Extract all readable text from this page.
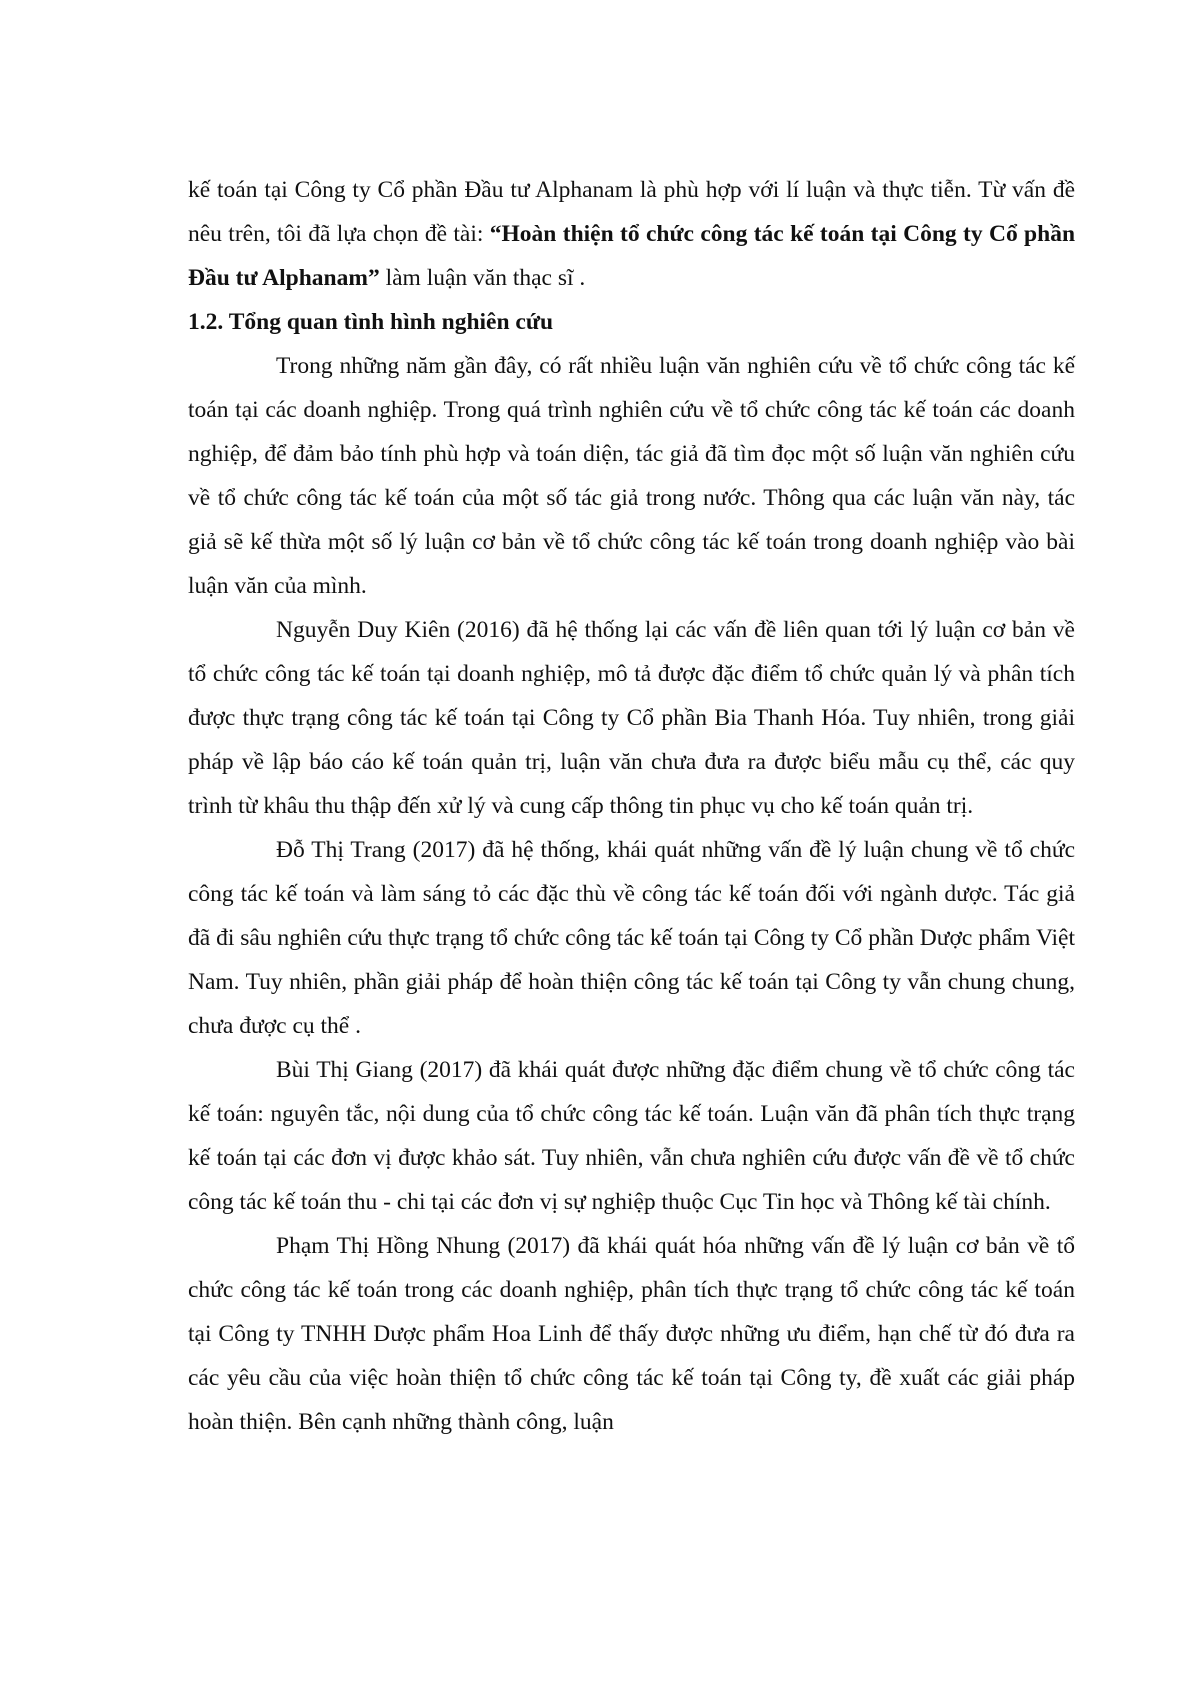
kế toán tại Công ty Cổ phần Đầu tư Alphanam là phù hợp với lí luận và thực tiễn. Từ vấn đề nêu trên, tôi đã lựa chọn đề tài: “Hoàn thiện tổ chức công tác kế toán tại Công ty Cổ phần Đầu tư Alphanam” làm luận văn thạc sĩ .

1.2. Tổng quan tình hình nghiên cứu

Trong những năm gần đây, có rất nhiều luận văn nghiên cứu về tổ chức công tác kế toán tại các doanh nghiệp. Trong quá trình nghiên cứu về tổ chức công tác kế toán các doanh nghiệp, để đảm bảo tính phù hợp và toán diện, tác giả đã tìm đọc một số luận văn nghiên cứu về tổ chức công tác kế toán của một số tác giả trong nước. Thông qua các luận văn này, tác giả sẽ kế thừa một số lý luận cơ bản về tổ chức công tác kế toán trong doanh nghiệp vào bài luận văn của mình.

Nguyễn Duy Kiên (2016) đã hệ thống lại các vấn đề liên quan tới lý luận cơ bản về tổ chức công tác kế toán tại doanh nghiệp, mô tả được đặc điểm tổ chức quản lý và phân tích được thực trạng công tác kế toán tại Công ty Cổ phần Bia Thanh Hóa. Tuy nhiên, trong giải pháp về lập báo cáo kế toán quản trị, luận văn chưa đưa ra được biểu mẫu cụ thể, các quy trình từ khâu thu thập đến xử lý và cung cấp thông tin phục vụ cho kế toán quản trị.

Đỗ Thị Trang (2017) đã hệ thống, khái quát những vấn đề lý luận chung về tổ chức công tác kế toán và làm sáng tỏ các đặc thù về công tác kế toán đối với ngành dược. Tác giả đã đi sâu nghiên cứu thực trạng tổ chức công tác kế toán tại Công ty Cổ phần Dược phẩm Việt Nam. Tuy nhiên, phần giải pháp để hoàn thiện công tác kế toán tại Công ty vẫn chung chung, chưa được cụ thể .

Bùi Thị Giang (2017) đã khái quát được những đặc điểm chung về tổ chức công tác kế toán: nguyên tắc, nội dung của tổ chức công tác kế toán. Luận văn đã phân tích thực trạng kế toán tại các đơn vị được khảo sát. Tuy nhiên, vẫn chưa nghiên cứu được vấn đề về tổ chức công tác kế toán thu - chi tại các đơn vị sự nghiệp thuộc Cục Tin học và Thông kế tài chính.

Phạm Thị Hồng Nhung (2017) đã khái quát hóa những vấn đề lý luận cơ bản về tổ chức công tác kế toán trong các doanh nghiệp, phân tích thực trạng tổ chức công tác kế toán tại Công ty TNHH Dược phẩm Hoa Linh để thấy được những ưu điểm, hạn chế từ đó đưa ra các yêu cầu của việc hoàn thiện tổ chức công tác kế toán tại Công ty, đề xuất các giải pháp hoàn thiện. Bên cạnh những thành công, luận
